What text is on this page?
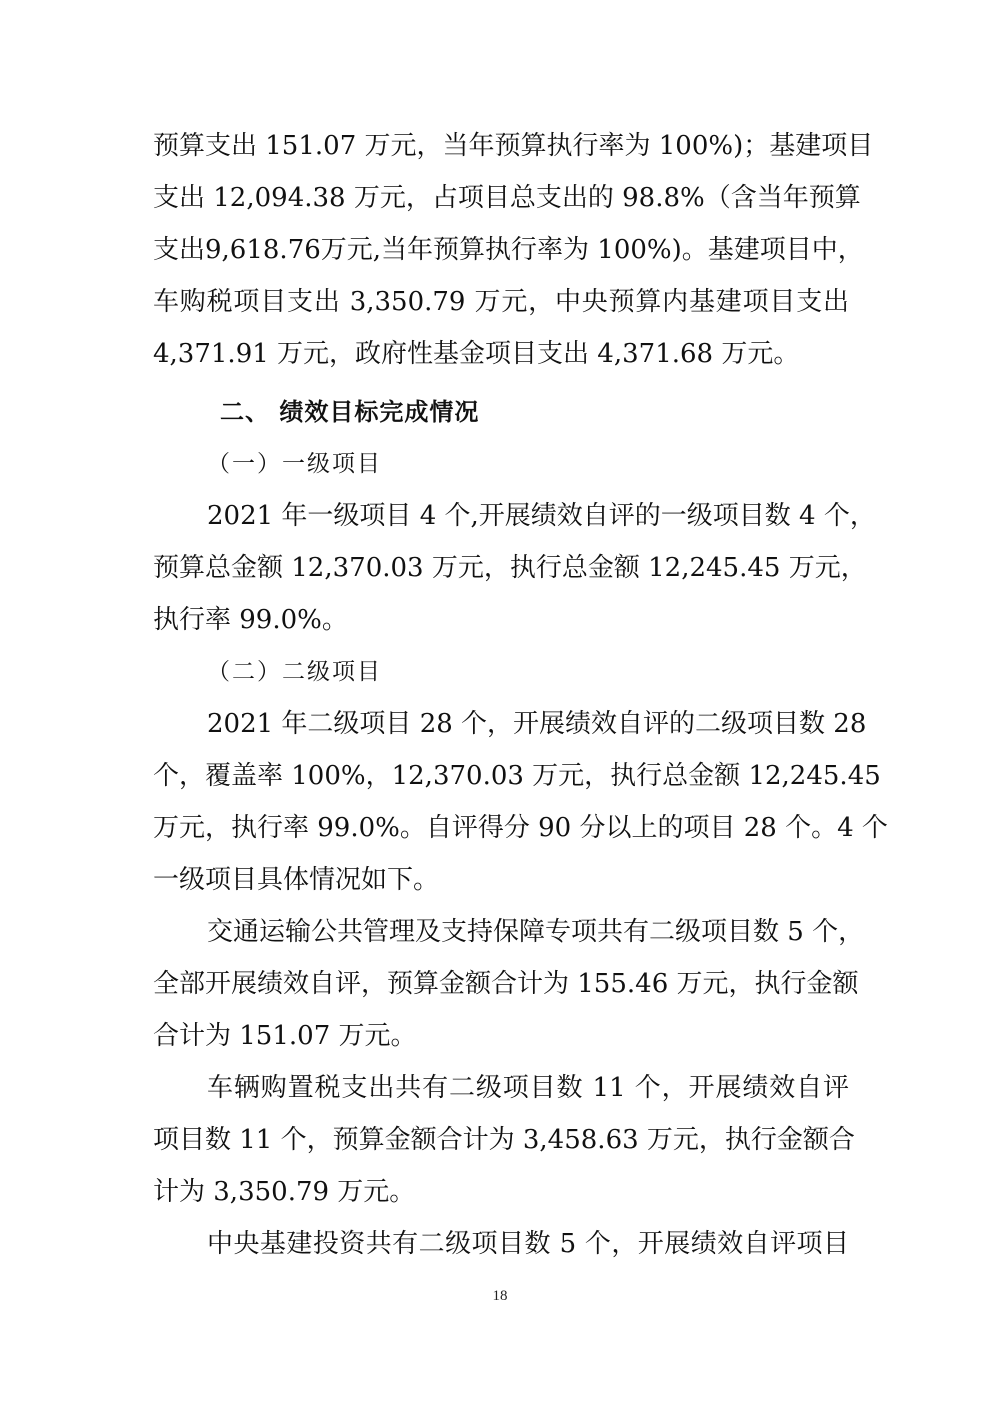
预算支出 151.07 万元，当年预算执行率为 100%)；基建项目
支出 12,094.38 万元，占项目总支出的 98.8%（含当年预算
支出9,618.76万元,当年预算执行率为 100%)。基建项目中，
车购税项目支出 3,350.79 万元，中央预算内基建项目支出
4,371.91 万元，政府性基金项目支出 4,371.68 万元。
二、 绩效目标完成情况
（一）一级项目
2021 年一级项目 4 个,开展绩效自评的一级项目数 4 个，
预算总金额 12,370.03 万元，执行总金额 12,245.45 万元，
执行率 99.0%。
（二）二级项目
2021 年二级项目 28 个，开展绩效自评的二级项目数 28
个，覆盖率 100%，12,370.03 万元，执行总金额 12,245.45
万元，执行率 99.0%。自评得分 90 分以上的项目 28 个。4 个
一级项目具体情况如下。
交通运输公共管理及支持保障专项共有二级项目数 5 个，
全部开展绩效自评，预算金额合计为 155.46 万元，执行金额
合计为 151.07 万元。
车辆购置税支出共有二级项目数 11 个，开展绩效自评
项目数 11 个，预算金额合计为 3,458.63 万元，执行金额合
计为 3,350.79 万元。
中央基建投资共有二级项目数 5 个，开展绩效自评项目
18
